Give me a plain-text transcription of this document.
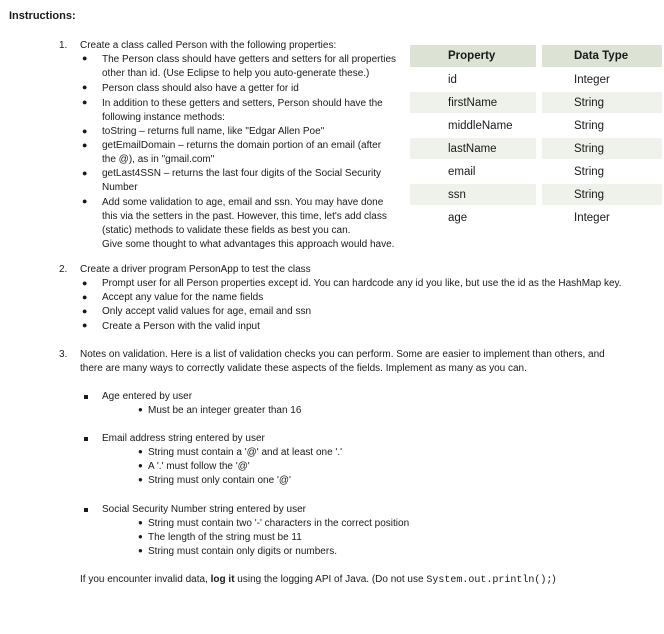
Instructions:
1. Create a class called Person with the following properties:
● The Person class should have getters and setters for all properties
other than id. (Use Eclipse to help you auto-generate these.)
● Person class should also have a getter for id
● In addition to these getters and setters, Person should have the
following instance methods:
● toString – returns full name, like "Edgar Allen Poe"
● getEmailDomain – returns the domain portion of an email (after
the @), as in "gmail.com"
● getLast4SSN – returns the last four digits of the Social Security
Number
● Add some validation to age, email and ssn. You may have done
this via the setters in the past. However, this time, let's add class
(static) methods to validate these fields as best you can.
Give some thought to what advantages this approach would have.
Property	Data Type
id	Integer
firstName	String
middleName	String
lastName	String
email	String
ssn	String
age	Integer
2. Create a driver program PersonApp to test the class
● Prompt user for all Person properties except id. You can hardcode any id you like, but use the id as the HashMap key.
● Accept any value for the name fields
● Only accept valid values for age, email and ssn
● Create a Person with the valid input
3. Notes on validation. Here is a list of validation checks you can perform. Some are easier to implement than others, and
there are many ways to correctly validate these aspects of the fields. Implement as many as you can.
Age entered by user
● Must be an integer greater than 16
Email address string entered by user
● String must contain a '@' and at least one '.'
● A '.' must follow the '@'
● String must only contain one '@'
Social Security Number string entered by user
● String must contain two '-' characters in the correct position
● The length of the string must be 11
● String must contain only digits or numbers.
If you encounter invalid data, log it using the logging API of Java. (Do not use System.out.println();)
